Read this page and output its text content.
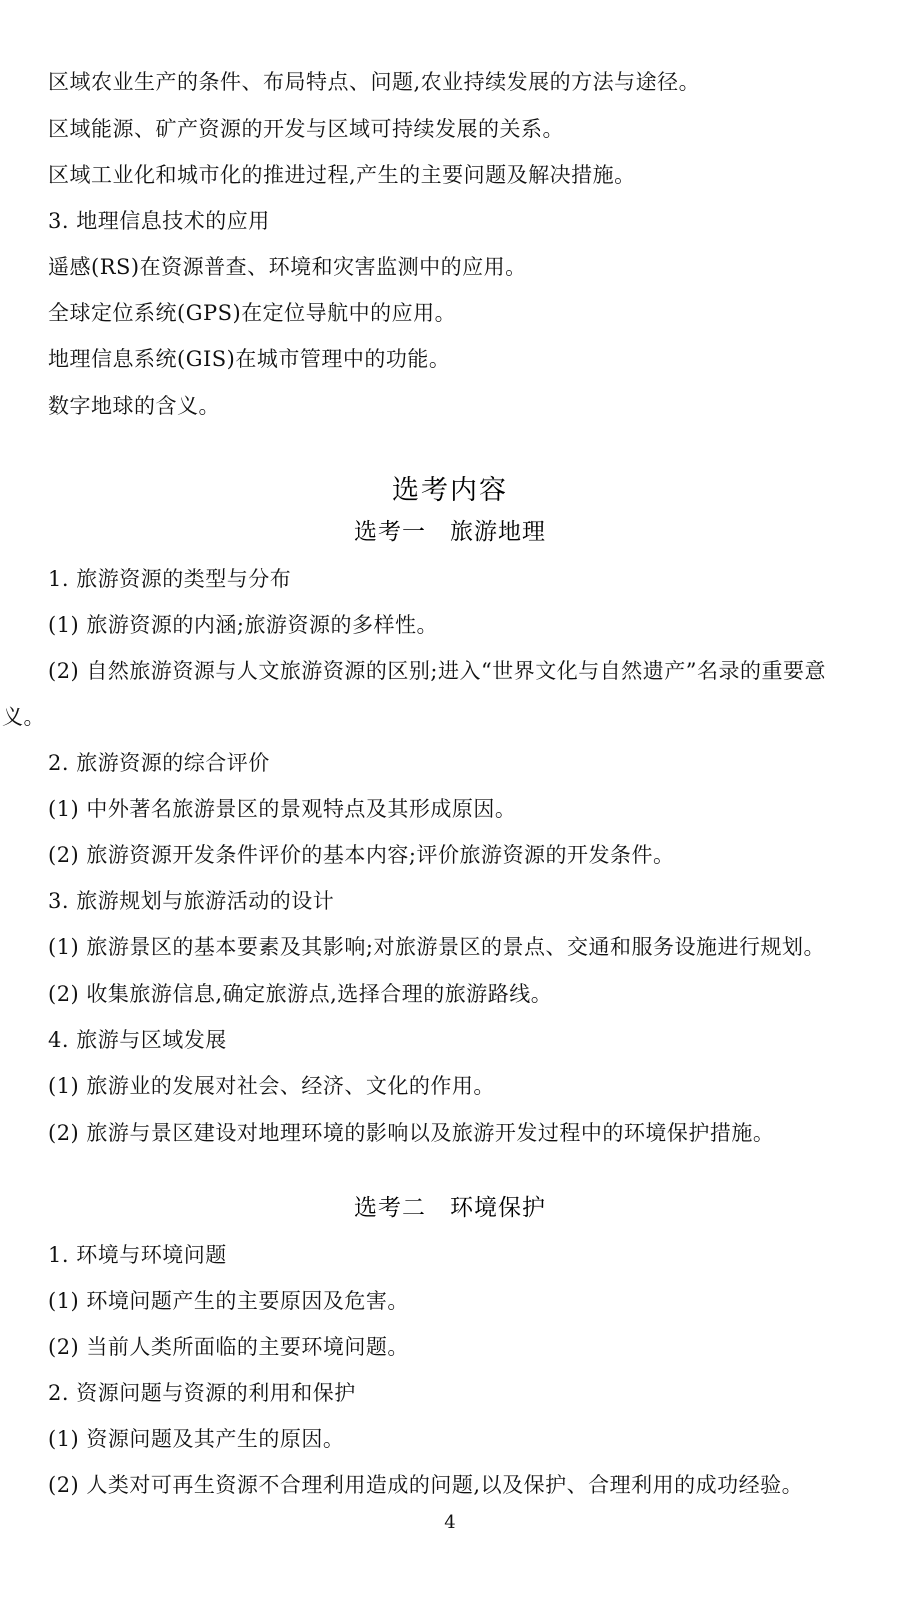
区域农业生产的条件、布局特点、问题,农业持续发展的方法与途径。
区域能源、矿产资源的开发与区域可持续发展的关系。
区域工业化和城市化的推进过程,产生的主要问题及解决措施。
3. 地理信息技术的应用
遥感(RS)在资源普查、环境和灾害监测中的应用。
全球定位系统(GPS)在定位导航中的应用。
地理信息系统(GIS)在城市管理中的功能。
数字地球的含义。
选考内容
选考一　旅游地理
1. 旅游资源的类型与分布
(1) 旅游资源的内涵;旅游资源的多样性。
(2) 自然旅游资源与人文旅游资源的区别;进入“世界文化与自然遗产”名录的重要意
义。
2. 旅游资源的综合评价
(1) 中外著名旅游景区的景观特点及其形成原因。
(2) 旅游资源开发条件评价的基本内容;评价旅游资源的开发条件。
3. 旅游规划与旅游活动的设计
(1) 旅游景区的基本要素及其影响;对旅游景区的景点、交通和服务设施进行规划。
(2) 收集旅游信息,确定旅游点,选择合理的旅游路线。
4. 旅游与区域发展
(1) 旅游业的发展对社会、经济、文化的作用。
(2) 旅游与景区建设对地理环境的影响以及旅游开发过程中的环境保护措施。
选考二　环境保护
1. 环境与环境问题
(1) 环境问题产生的主要原因及危害。
(2) 当前人类所面临的主要环境问题。
2. 资源问题与资源的利用和保护
(1) 资源问题及其产生的原因。
(2) 人类对可再生资源不合理利用造成的问题,以及保护、合理利用的成功经验。
4
